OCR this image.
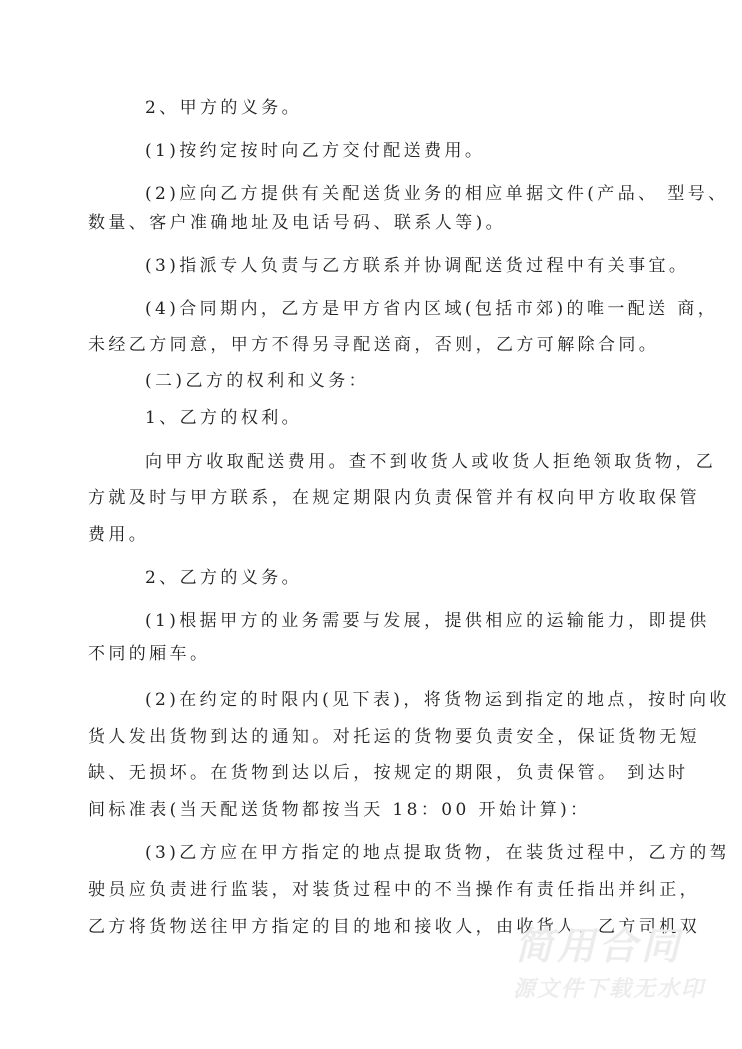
2、甲方的义务。
(1)按约定按时向乙方交付配送费用。
(2)应向乙方提供有关配送货业务的相应单据文件(产品、 型号、
数量、客户准确地址及电话号码、联系人等)。
(3)指派专人负责与乙方联系并协调配送货过程中有关事宜。
(4)合同期内，乙方是甲方省内区域(包括市郊)的唯一配送 商，
未经乙方同意，甲方不得另寻配送商，否则，乙方可解除合同。
(二)乙方的权利和义务：
1、乙方的权利。
向甲方收取配送费用。查不到收货人或收货人拒绝领取货物，乙
方就及时与甲方联系，在规定期限内负责保管并有权向甲方收取保管
费用。
2、乙方的义务。
(1)根据甲方的业务需要与发展，提供相应的运输能力，即提供
不同的厢车。
(2)在约定的时限内(见下表)，将货物运到指定的地点，按时向收
货人发出货物到达的通知。对托运的货物要负责安全，保证货物无短
缺、无损坏。在货物到达以后，按规定的期限，负责保管。 到达时
间标准表(当天配送货物都按当天 18：00 开始计算)：
(3)乙方应在甲方指定的地点提取货物，在装货过程中，乙方的驾
驶员应负责进行监装，对装货过程中的不当操作有责任指出并纠正，
乙方将货物送往甲方指定的目的地和接收人，由收货人、乙方司机双
简用合同
源文件下载无水印
